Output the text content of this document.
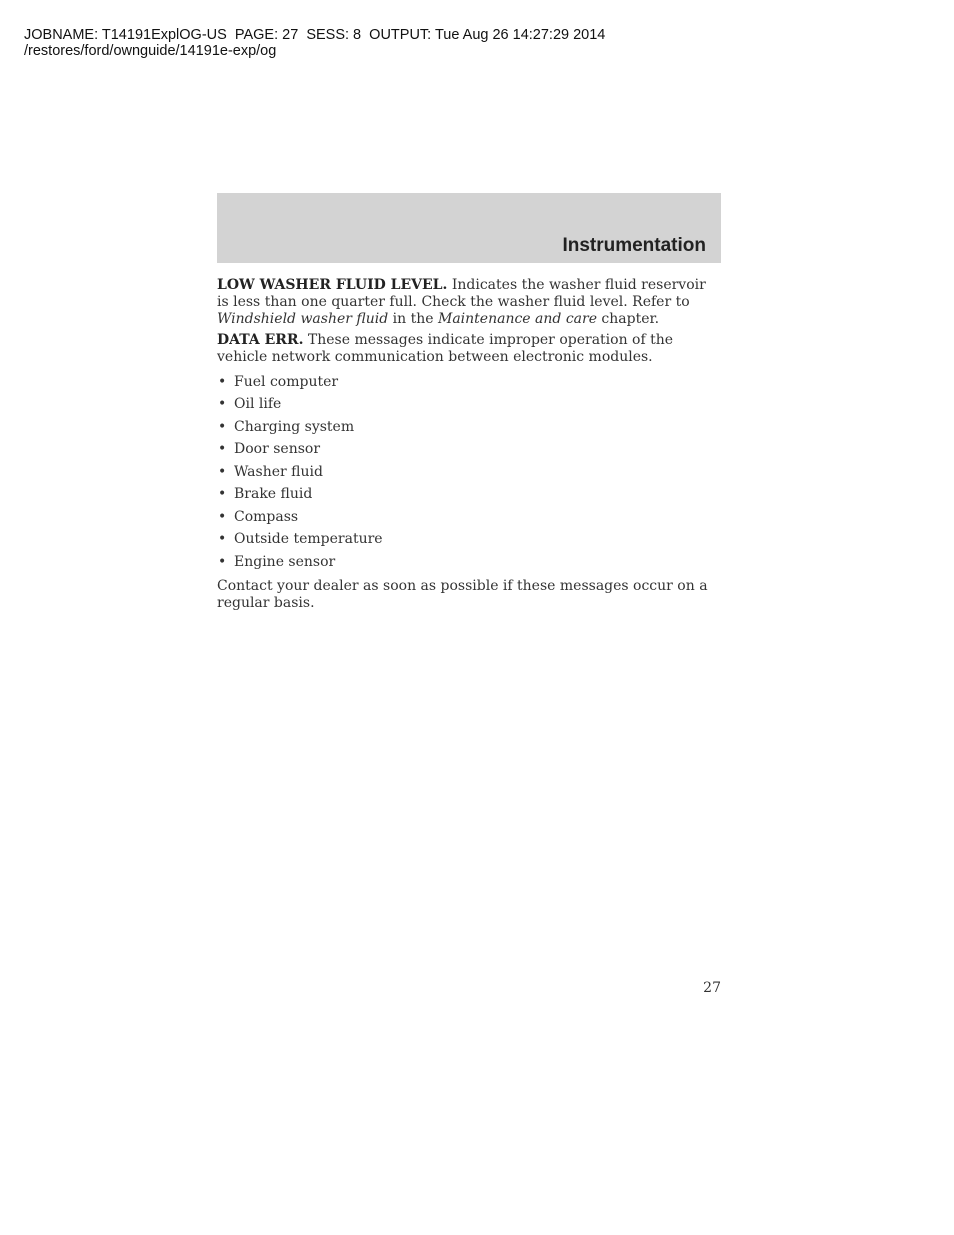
JOBNAME: T14191ExplOG-US  PAGE: 27  SESS: 8  OUTPUT: Tue Aug 26 14:27:29 2014
/restores/ford/ownguide/14191e-exp/og
Instrumentation

LOW WASHER FLUID LEVEL. Indicates the washer fluid reservoir is less than one quarter full. Check the washer fluid level. Refer to Windshield washer fluid in the Maintenance and care chapter.

DATA ERR. These messages indicate improper operation of the vehicle network communication between electronic modules.

• Fuel computer
• Oil life
• Charging system
• Door sensor
• Washer fluid
• Brake fluid
• Compass
• Outside temperature
• Engine sensor

Contact your dealer as soon as possible if these messages occur on a regular basis.

27
